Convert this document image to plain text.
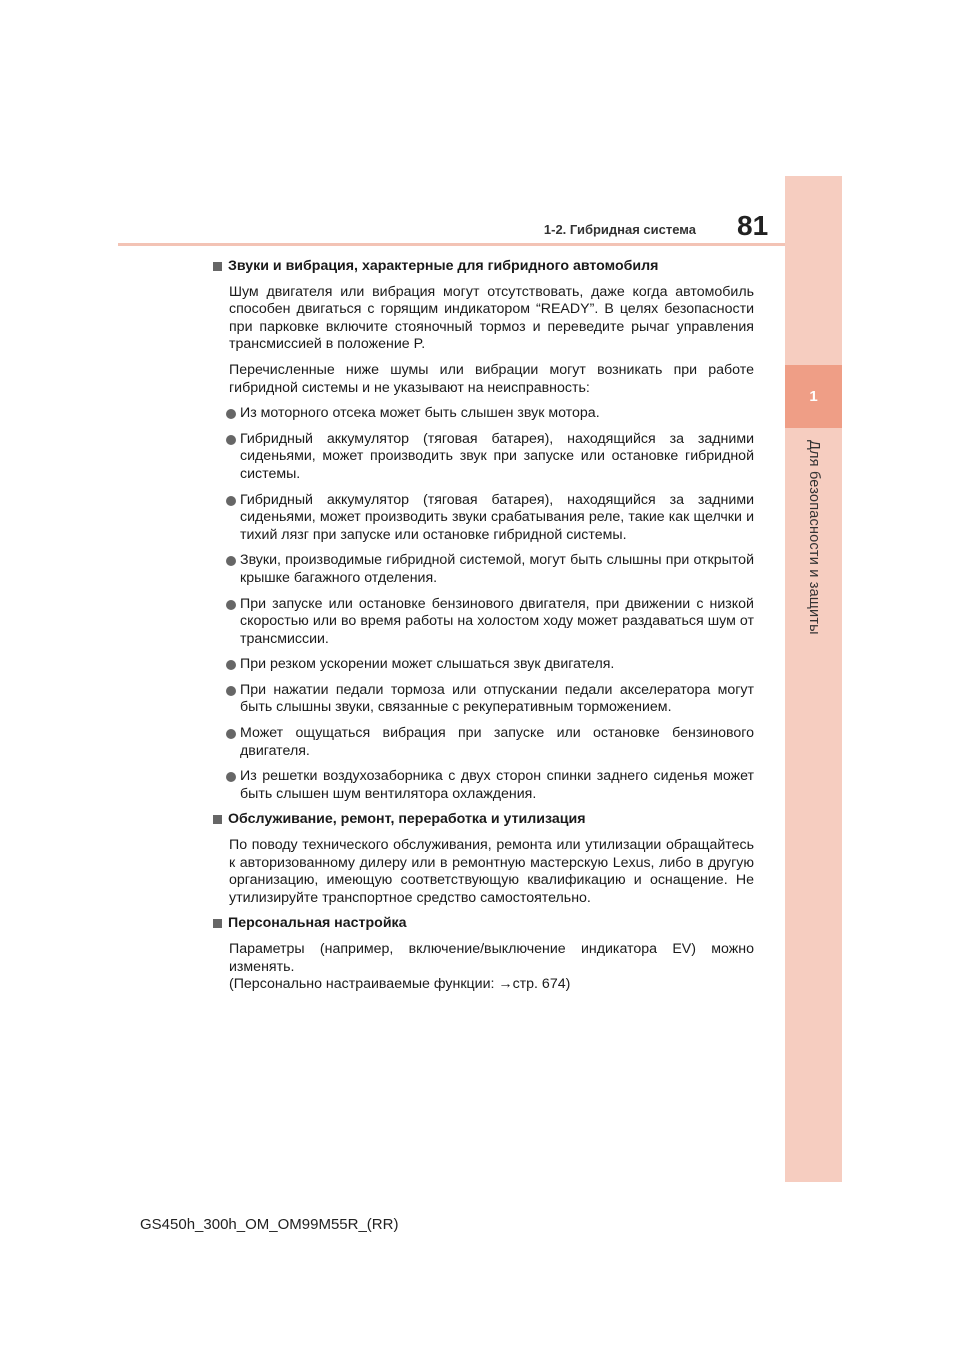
1
Для безопасности и защиты
1-2. Гибридная система 81
Звуки и вибрация, характерные для гибридного автомобиля

Шум двигателя или вибрация могут отсутствовать, даже когда автомобиль способен двигаться с горящим индикатором “READY”. В целях безопасности при парковке включите стояночный тормоз и переведите рычаг управления трансмиссией в положение P.

Перечисленные ниже шумы или вибрации могут возникать при работе гибридной системы и не указывают на неисправность:

Из моторного отсека может быть слышен звук мотора.
Гибридный аккумулятор (тяговая батарея), находящийся за задними сиденьями, может производить звук при запуске или остановке гибридной системы.
Гибридный аккумулятор (тяговая батарея), находящийся за задними сиденьями, может производить звуки срабатывания реле, такие как щелчки и тихий лязг при запуске или остановке гибридной системы.
Звуки, производимые гибридной системой, могут быть слышны при открытой крышке багажного отделения.
При запуске или остановке бензинового двигателя, при движении с низкой скоростью или во время работы на холостом ходу может раздаваться шум от трансмиссии.
При резком ускорении может слышаться звук двигателя.
При нажатии педали тормоза или отпускании педали акселератора могут быть слышны звуки, связанные с рекуперативным торможением.
Может ощущаться вибрация при запуске или остановке бензинового двигателя.
Из решетки воздухозаборника с двух сторон спинки заднего сиденья может быть слышен шум вентилятора охлаждения.
Обслуживание, ремонт, переработка и утилизация

По поводу технического обслуживания, ремонта или утилизации обращайтесь к авторизованному дилеру или в ремонтную мастерскую Lexus, либо в другую организацию, имеющую соответствующую квалификацию и оснащение. Не утилизируйте транспортное средство самостоятельно.

Персональная настройка

Параметры (например, включение/выключение индикатора EV) можно изменять.

(Персонально настраиваемые функции: →стр. 674)

GS450h_300h_OM_OM99M55R_(RR)
